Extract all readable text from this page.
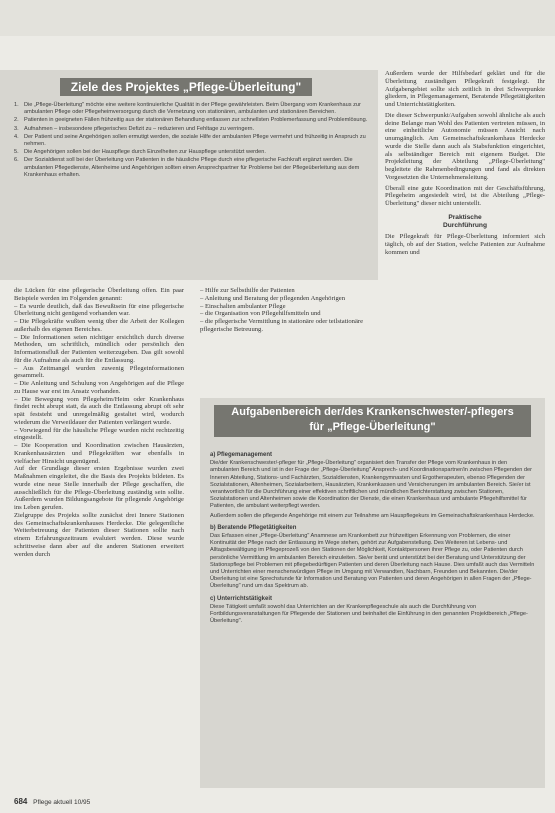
Ziele des Projektes „Pflege-Überleitung"
1. Die „Pflege-Überleitung" möchte eine weitere kontinuierliche Qualität in der Pflege gewährleisten. Beim Übergang vom Krankenhaus zur ambulanten Pflege oder Pflegeheimversorgung durch die Vernetzung von stationären, ambulanten und stationären Bereichen.
2. Patienten in geeigneten Fällen frühzeitig aus der stationären Behandlung entlassen zur schnellsten Problemerfassung und Problemlösung.
3. Aufnahmen – insbesondere pflegerisches Defizit zu – reduzieren und Fehltage zu verringern.
4. Der Patient und seine Angehörigen sollen ermutigt werden, die soziale Hilfe der ambulanten Pflege vermehrt und frühzeitig in Anspruch zu nehmen.
5. Die Angehörigen sollen bei der Hauspflege durch Einzelheiten zur Hauspflege unterstützt werden.
6. Der Sozialdienst soll bei der Überleitung von Patienten in die häusliche Pflege durch eine pflegerische Fachkraft ergänzt werden. Die ambulanten Pflegedienste, Altenheime und Angehörigen sollten einen Ansprechpartner für Probleme bei der Pflegeüberleitung aus dem Krankenhaus erhalten.

die Lücken für eine pflegerische Überleitung offen. Ein paar Beispiele werden im Folgenden genannt:

– Es wurde deutlich, daß das Bewußtsein für eine pflegerische Überleitung nicht genügend vorhanden war.

– Die Pflegekräfte wußten wenig über die Arbeit der Kollegen außerhalb des eigenen Bereiches.

– Die Informationen seien nichtiger ersichtlich durch diverse Methoden, um schriftlich, mündlich oder persönlich den Informationsfluß der Patienten weiterzugeben. Das gilt sowohl für die Aufnahme als auch für die Entlassung.

– Aus Zeitmangel wurden zuwenig Pflegeinformationen gesammelt.

– Die Anleitung und Schulung von Angehörigen auf die Pflege zu Hause war erst im Ansatz vorhanden.

– Die Bewegung vom Pflegeheim/Heim oder Krankenhaus findet recht abrupt statt, da auch die Entlassung abrupt oft sehr spät feststeht und unregelmäßig gestaltet wird, wodurch wiederum die Verweildauer der Patienten verlängert wurde.

– Vorwiegend für die häusliche Pflege wurden nicht rechtzeitig eingestellt.

– Die Kooperation und Koordination zwischen Hausärzten, Krankenhausärzten und Pflegekräften war ebenfalls in vielfacher Hinsicht ungenügend.

Auf der Grundlage dieser ersten Ergebnisse wurden zwei Maßnahmen eingeleitet, die die Basis des Projekts bildeten. Es wurde eine neue Stelle innerhalb der Pflege geschaffen, die ausschließlich für die Pflege-Überleitung zuständig sein sollte. Außerdem wurden Bildungsangebote für pflegende Angehörige ins Leben gerufen.

Zielgruppe des Projekts sollte zunächst drei Innere Stationen des Gemeinschaftskrankenhauses Herdecke. Die gelegentliche Weiterbetreuung der Patienten dieser Stationen sollte nach einem Erfahrungszeitraum evaluiert werden. Diese wurde schrittweise dann aber auf die anderen Stationen erweitert werden durch

– Hilfe zur Selbsthilfe der Patienten

– Anleitung und Beratung der pflegenden Angehörigen

– Einschalten ambulanter Pflege

– die Organisation von Pflegehilfsmitteln und

– die pflegerische Vermittlung in stationäre oder teilstationäre pflegerische Betreuung.

Außerdem wurde der Hilfsbedarf geklärt und für die Überleitung zuständigen Pflegekraft festgelegt. Ihr Aufgabengebiet sollte sich zeitlich in drei Schwerpunkte gliedern, in Pflegemanagement, Beratende Pflegetätigkeiten und Unterrichtstätigkeiten.

Die dieser Schwerpunkt/Aufgaben sowohl ähnliche als auch deine Belange man Wohl des Patienten vertreten müssen, in eine einheitliche Autonomie müssen Ansicht nach unumgänglich. Am Gemeinschaftskrankenhaus Herdecke wurde die Stelle dann auch als Stabsfunktion eingerichtet, als selbständiger Bereich mit eigenem Budget. Die Projektleitung der Abteilung „Pflege-Überleitung" begleitete die Rahmenbedingungen und fand als direkten Vorgesetzten die Unternehmensleitung.

Überall eine gute Koordination mit der Geschäftsführung, Pflegeheim angesiedelt wird, ist die Abteilung „Pflege-Überleitung" dieser nicht unterstellt.

Praktische
Durchführung

Die Pflegekraft für Pflege-Überleitung informiert sich täglich, ob auf der Station, welche Patienten zur Aufnahme kommen und

Aufgabenbereich der/des Krankenschwester/-pflegers
für „Pflege-Überleitung"
a) Pflegemanagement

Die/der Krankenschwester/-pfleger für „Pflege-Überleitung" organisiert den Transfer der Pflege vom Krankenhaus in den ambulanten Bereich und ist in der Frage der „Pflege-Überleitung" Ansprech- und Koordinationspartner/in zwischen Pflegenden der Inneren Abteilung, Stations- und Fachärzten, Sozialdiensten, Krankengymnasten und Ergotherapeuten, ebenso Pflegenden der Sozialstationen, Altenheimen, Sozialarbeitern, Hausärzten, Krankenkassen und Versicherungen im ambulanten Bereich. Sie/er ist verantwortlich für die Durchführung einer effektiven schriftlichen und mündlichen Berichterstattung zwischen Stationen, Sozialstationen und Altenheimen sowie die Koordination der Dienste, die einen Krankenhaus und ambulante Pflegehilfsmittel für Patienten, die ambulant weiterpflegt werden.

Außerdem sollen die pflegende Angehörige mit einem zur Teilnahme am Hauspflegekurs im Gemeinschaftskrankenhaus Herdecke.

b) Beratende Pflegetätigkeiten

Das Erfassen einer „Pflege-Überleitung" Anamnese am Krankenbett zur frühzeitigen Erkennung von Problemen, die einer Kontinuität der Pflege nach der Entlassung im Wege stehen, gehört zur Aufgabenstellung. Des Weiteren ist Lebens- und Alltagsbewältigung im Pflegeprozeß von den Stationen der Möglichkeit, Kontaktpersonen ihrer Pflege zu, oder Patienten durch persönliche Vermittlung im ambulanten Bereich einzuleiten. Sie/er berät und unterstützt bei der Beratung und Unterstützung der Stationspflege bei Problemen mit pflegebedürftigen Patienten und deren Überleitung nach Hause. Dies umfaßt auch das Vermitteln und Unterrichten einer menschenwürdigen Pflege im Umgang mit Verwandten, Nachbarn, Freunden und Bekannten. Die/der Überleitung ist eine Sprechstunde für Information und Beratung von Patienten und deren Angehörigen in allen Fragen der „Pflege-Überleitung" rund um das Spektrum ab.

c) Unterrichtstätigkeit

Diese Tätigkeit umfaßt sowohl das Unterrichten an der Krankenpflegeschule als auch die Durchführung von Fortbildungsveranstaltungen für Pflegende der Stationen und beinhaltet die Einführung in den genannten Projektbereich „Pflege-Überleitung".

684 Pflege aktuell 10/95
